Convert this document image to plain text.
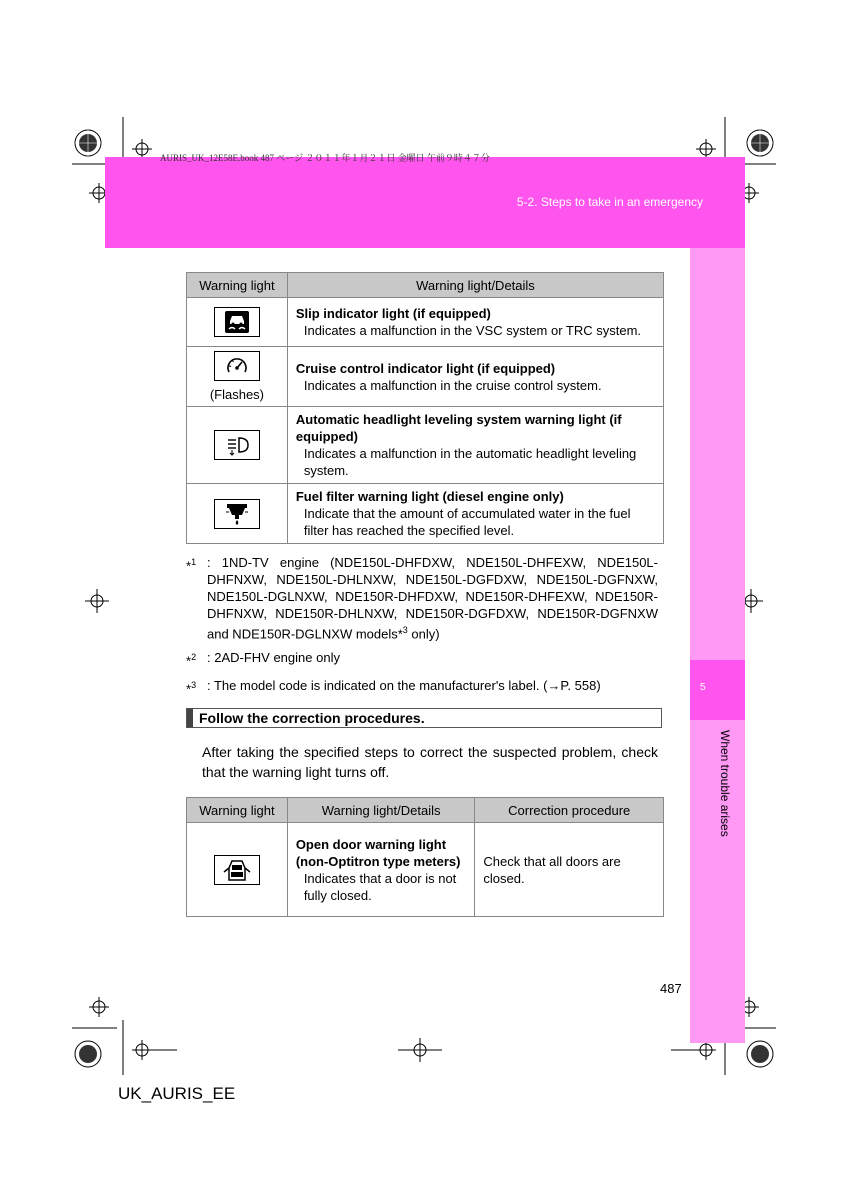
5-2. Steps to take in an emergency
AURIS_UK_12E58E.book 487 ページ ２０１１年１月２１日 金曜日 午前９時４７分
5
When trouble arises
Warning light	Warning light/Details

Slip indicator light (if equipped)
Indicates a malfunction in the VSC system or TRC system.

(Flashes)	Cruise control indicator light (if equipped)
Indicates a malfunction in the cruise control system.

Automatic headlight leveling system warning light (if equipped)
Indicates a malfunction in the automatic headlight leveling system.

Fuel filter warning light (diesel engine only)
Indicate that the amount of accumulated water in the fuel filter has reached the specified level.
*$^1$ : 1ND-TV engine (NDE150L-DHFDXW, NDE150L-DHFEXW, NDE150L-DHFNXW, NDE150L-DHLNXW, NDE150L-DGFDXW, NDE150L-DGFNXW, NDE150L-DGLNXW, NDE150R-DHFDXW, NDE150R-DHFEXW, NDE150R-DHFNXW, NDE150R-DHLNXW, NDE150R-DGFDXW, NDE150R-DGFNXW and NDE150R-DGLNXW models*$^3$ only)
*$^2$ : 2AD-FHV engine only
*$^3$ : The model code is indicated on the manufacturer's label. (→P. 558)
Follow the correction procedures.
After taking the specified steps to correct the suspected problem, check that the warning light turns off.
Warning light	Warning light/Details	Correction procedure

Open door warning light (non-Optitron type meters)
Indicates that a door is not fully closed.	Check that all doors are closed.
487
UK_AURIS_EE
